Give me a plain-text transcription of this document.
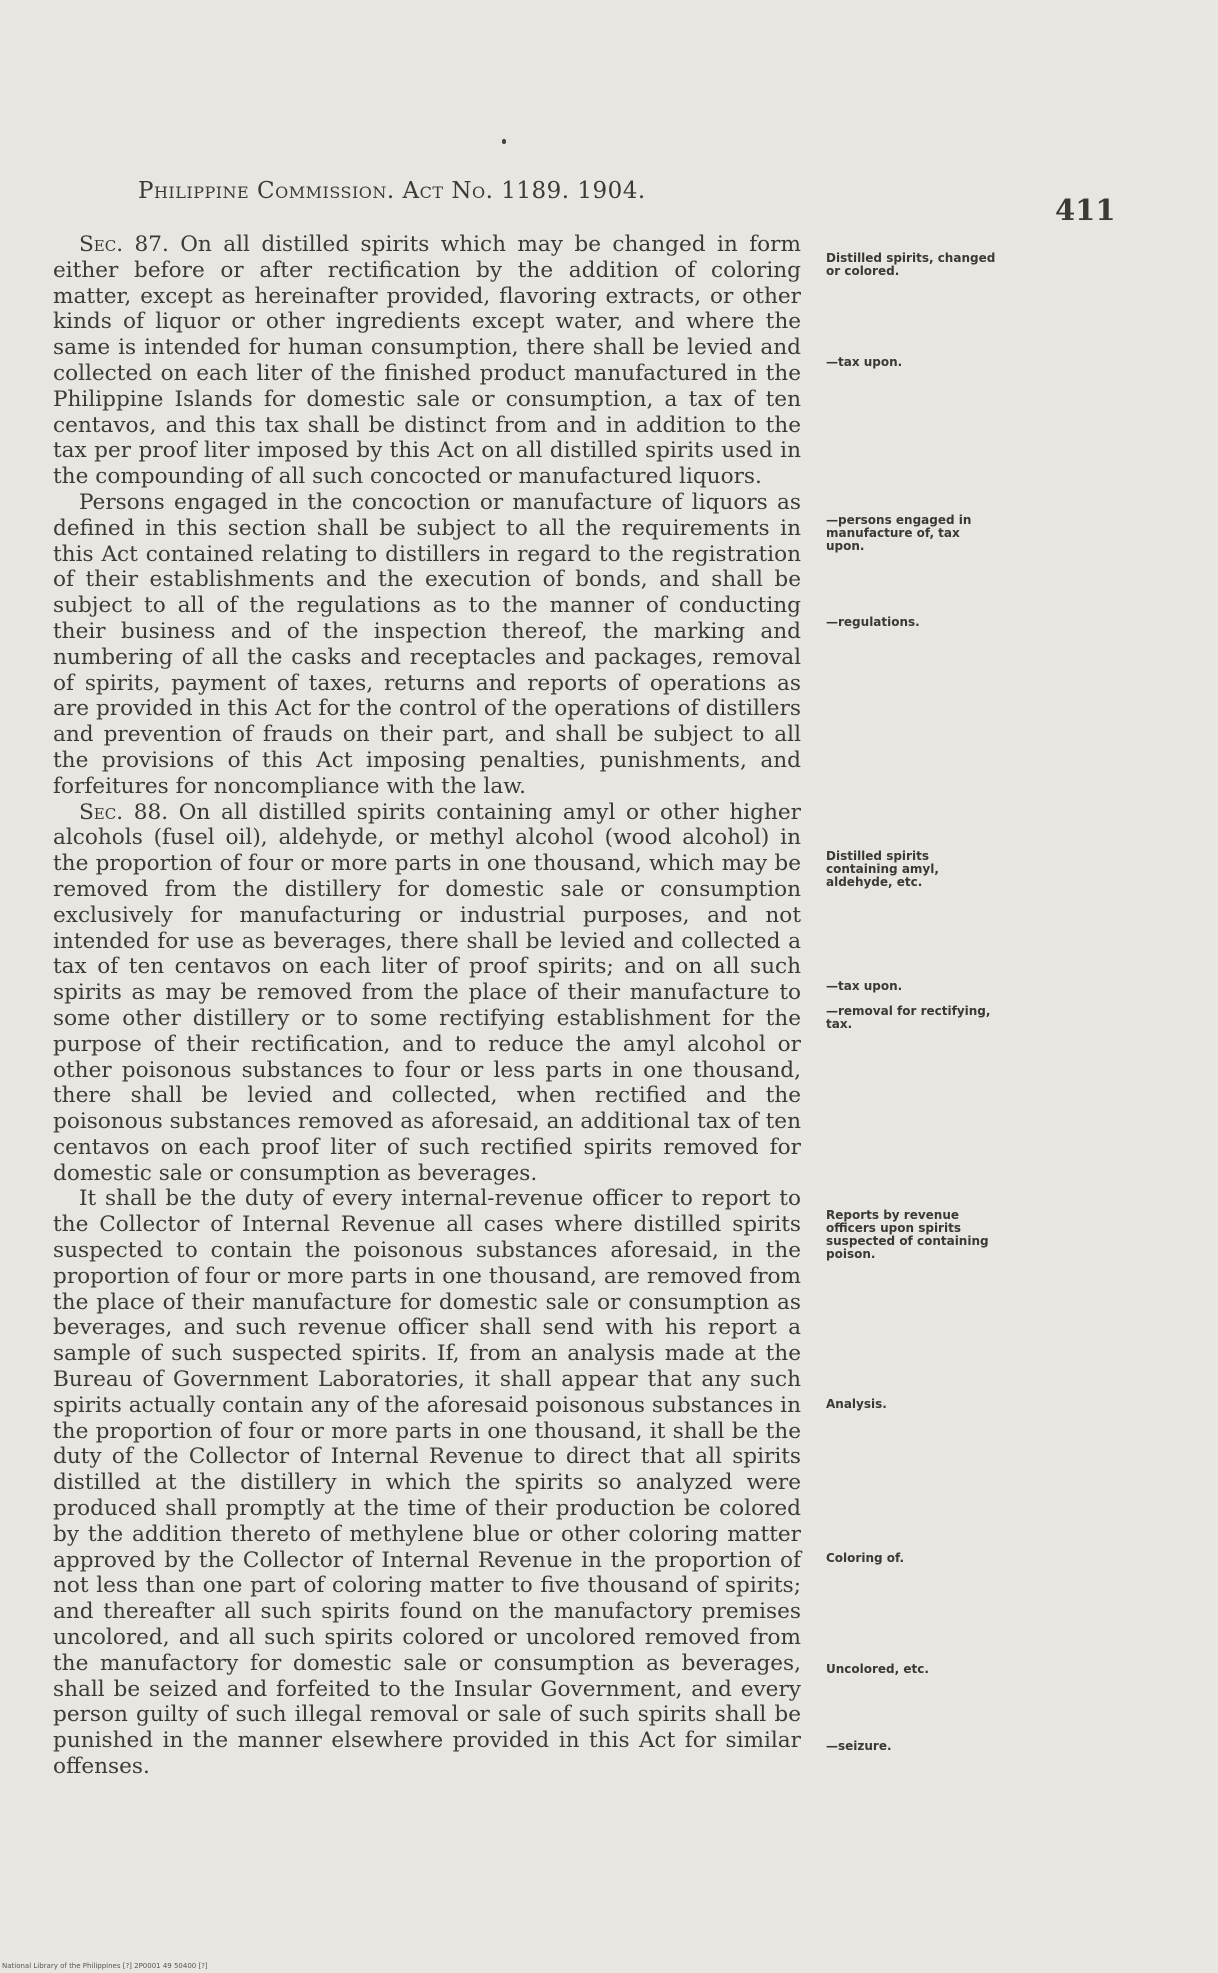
Philippine Commission. Act No. 1189. 1904.
411

Sec. 87. On all distilled spirits which may be changed in form either before or after rectification by the addition of coloring matter, except as hereinafter provided, flavoring extracts, or other kinds of liquor or other ingredients except water, and where the same is intended for human consumption, there shall be levied and collected on each liter of the finished product manufactured in the Philippine Islands for domestic sale or consumption, a tax of ten centavos, and this tax shall be distinct from and in addition to the tax per proof liter imposed by this Act on all distilled spirits used in the compounding of all such concocted or manufactured liquors.

Persons engaged in the concoction or manufacture of liquors as defined in this section shall be subject to all the requirements in this Act contained relating to distillers in regard to the registration of their establishments and the execution of bonds, and shall be subject to all of the regulations as to the manner of conducting their business and of the inspection thereof, the marking and numbering of all the casks and receptacles and packages, removal of spirits, payment of taxes, returns and reports of operations as are provided in this Act for the control of the operations of distillers and prevention of frauds on their part, and shall be subject to all the provisions of this Act imposing penalties, punishments, and forfeitures for noncompliance with the law.

Sec. 88. On all distilled spirits containing amyl or other higher alcohols (fusel oil), aldehyde, or methyl alcohol (wood alcohol) in the proportion of four or more parts in one thousand, which may be removed from the distillery for domestic sale or consumption exclusively for manufacturing or industrial purposes, and not intended for use as beverages, there shall be levied and collected a tax of ten centavos on each liter of proof spirits; and on all such spirits as may be removed from the place of their manufacture to some other distillery or to some rectifying establishment for the purpose of their rectification, and to reduce the amyl alcohol or other poisonous substances to four or less parts in one thousand, there shall be levied and collected, when rectified and the poisonous substances removed as aforesaid, an additional tax of ten centavos on each proof liter of such rectified spirits removed for domestic sale or consumption as beverages.

It shall be the duty of every internal-revenue officer to report to the Collector of Internal Revenue all cases where distilled spirits suspected to contain the poisonous substances aforesaid, in the proportion of four or more parts in one thousand, are removed from the place of their manufacture for domestic sale or consumption as beverages, and such revenue officer shall send with his report a sample of such suspected spirits. If, from an analysis made at the Bureau of Government Laboratories, it shall appear that any such spirits actually contain any of the aforesaid poisonous substances in the proportion of four or more parts in one thousand, it shall be the duty of the Collector of Internal Revenue to direct that all spirits distilled at the distillery in which the spirits so analyzed were produced shall promptly at the time of their production be colored by the addition thereto of methylene blue or other coloring matter approved by the Collector of Internal Revenue in the proportion of not less than one part of coloring matter to five thousand of spirits; and thereafter all such spirits found on the manufactory premises uncolored, and all such spirits colored or uncolored removed from the manufactory for domestic sale or consumption as beverages, shall be seized and forfeited to the Insular Government, and every person guilty of such illegal removal or sale of such spirits shall be punished in the manner elsewhere provided in this Act for similar offenses.

Distilled spirits, changed or colored.
—tax upon.
—persons engaged in manufacture of, tax upon.
—regulations.
Distilled spirits containing amyl, aldehyde, etc.
—tax upon.
—removal for rectifying, tax.
Reports by revenue officers upon spirits suspected of containing poison.
Analysis.
Coloring of.
Uncolored, etc.
—seizure.
National Library of the Philippines [?] 2P0001 49 50400 [?]
